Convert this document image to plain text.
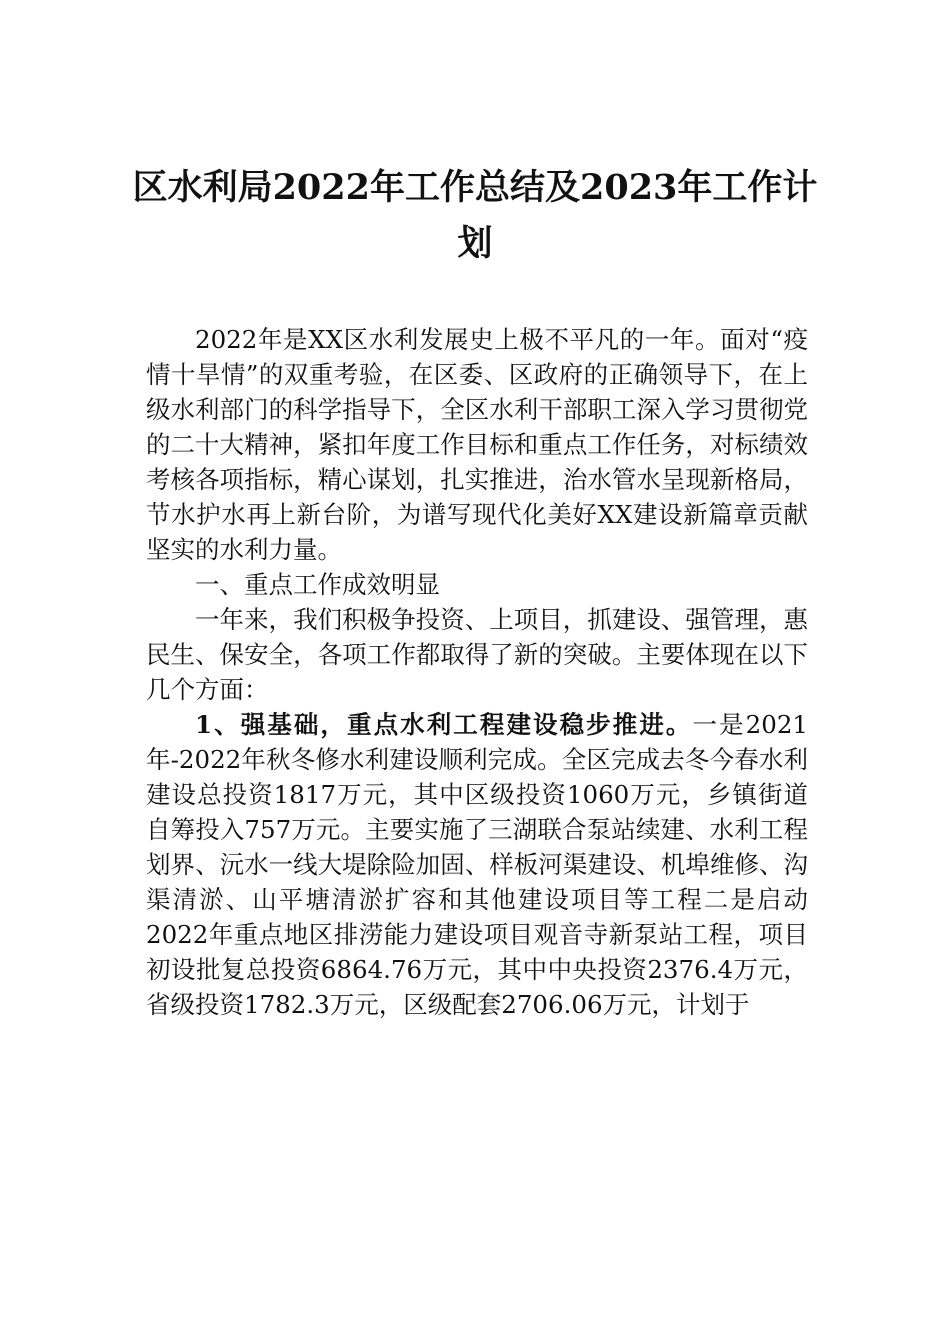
区水利局2022年工作总结及2023年工作计划

2022年是XX区水利发展史上极不平凡的一年。面对“疫情十旱情”的双重考验，在区委、区政府的正确领导下，在上级水利部门的科学指导下，全区水利干部职工深入学习贯彻党的二十大精神，紧扣年度工作目标和重点工作任务，对标绩效考核各项指标，精心谋划，扎实推进，治水管水呈现新格局，节水护水再上新台阶，为谱写现代化美好XX建设新篇章贡献坚实的水利力量。

一、重点工作成效明显

一年来，我们积极争投资、上项目，抓建设、强管理，惠民生、保安全，各项工作都取得了新的突破。主要体现在以下几个方面：

1、强基础，重点水利工程建设稳步推进。一是2021年-2022年秋冬修水利建设顺利完成。全区完成去冬今春水利建设总投资1817万元，其中区级投资1060万元，乡镇街道自筹投入757万元。主要实施了三湖联合泵站续建、水利工程划界、沅水一线大堤除险加固、样板河渠建设、机埠维修、沟渠清淤、山平塘清淤扩容和其他建设项目等工程二是启动2022年重点地区排涝能力建设项目观音寺新泵站工程，项目初设批复总投资6864.76万元，其中中央投资2376.4万元，省级投资1782.3万元，区级配套2706.06万元，计划于
